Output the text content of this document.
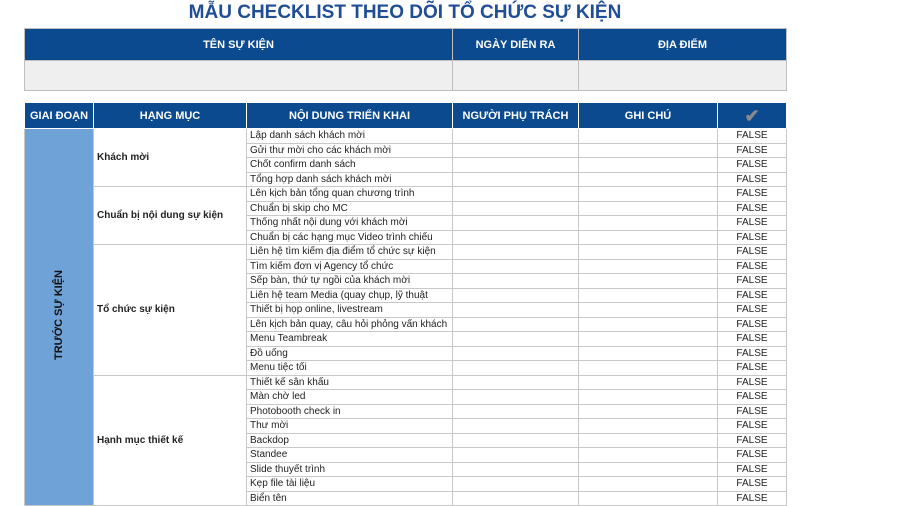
MẪU CHECKLIST THEO DÕI TỔ CHỨC SỰ KIỆN
TÊN SỰ KIỆN	NGÀY DIỄN RA	ĐỊA ĐIỂM

GIAI ĐOẠN	HẠNG MỤC	NỘI DUNG TRIỂN KHAI	NGƯỜI PHỤ TRÁCH	GHI CHÚ	✔
TRƯỚC SỰ KIỆN	Khách mời	Lập danh sách khách mời			FALSE
		Gửi thư mời cho các khách mời			FALSE
		Chốt confirm danh sách			FALSE
		Tổng hợp danh sách khách mời			FALSE
	Chuẩn bị nội dung sự kiện	Lên kịch bản tổng quan chương trình			FALSE
		Chuẩn bị skip cho MC			FALSE
		Thống nhất nội dung với khách mời			FALSE
		Chuẩn bị các hạng mục Video trình chiếu			FALSE
	Tổ chức sự kiện	Liên hệ tìm kiếm địa điểm tổ chức sự kiện			FALSE
		Tìm kiếm đơn vị Agency tổ chức			FALSE
		Sếp bàn, thứ tự ngồi của khách mời			FALSE
		Liên hệ team Media (quay chụp, lỹ thuật			FALSE
		Thiết bị họp online, livestream			FALSE
		Lên kịch bản quay, câu hỏi phỏng vấn khách			FALSE
		Menu Teambreak			FALSE
		Đồ uống			FALSE
		Menu tiệc tối			FALSE
	Hạnh mục thiết kế	Thiết kế sân khấu			FALSE
		Màn chờ led			FALSE
		Photobooth check in			FALSE
		Thư mời			FALSE
		Backdop			FALSE
		Standee			FALSE
		Slide thuyết trình			FALSE
		Kẹp file tài liệu			FALSE
		Biển tên			FALSE
